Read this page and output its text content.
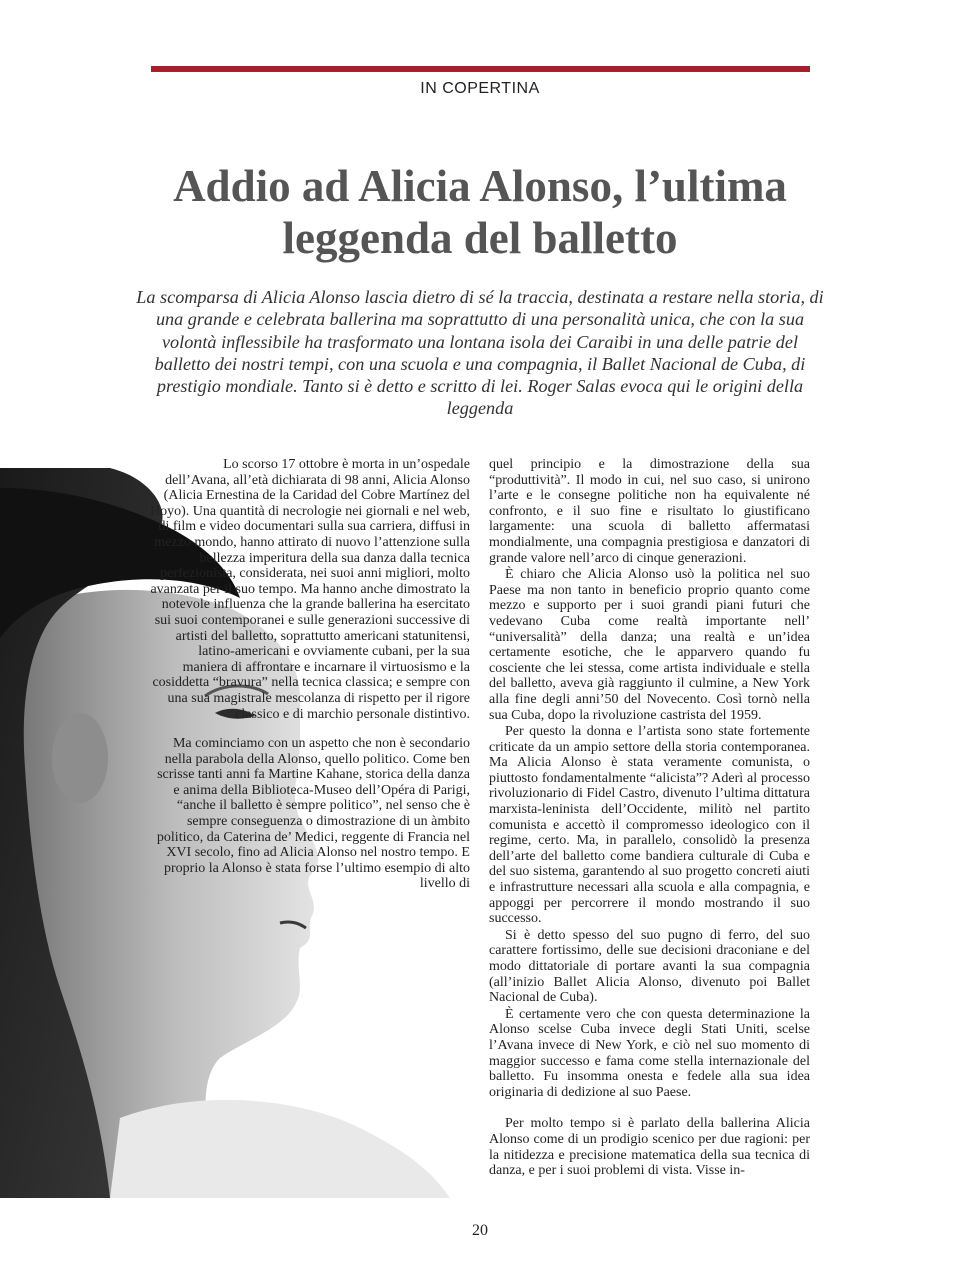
IN COPERTINA
Addio ad Alicia Alonso, l’ultima
leggenda del balletto

La scomparsa di Alicia Alonso lascia dietro di sé la traccia, destinata a restare nella storia, di una grande e celebrata ballerina ma soprattutto di una personalità unica, che con la sua volontà inflessibile ha trasformato una lontana isola dei Caraibi in una delle patrie del balletto dei nostri tempi, con una scuola e una compagnia, il Ballet Nacional de Cuba, di prestigio mondiale. Tanto si è detto e scritto di lei. Roger Salas evoca qui le origini della leggenda

Lo scorso 17 ottobre è morta in un’ospedale dell’Avana, all’età dichiarata di 98 anni, Alicia Alonso (Alicia Ernestina de la Caridad del Cobre Martínez del Hoyo). Una quantità di necrologie nei giornali e nel web, di film e video documentari sulla sua carriera, diffusi in mezzo mondo, hanno attirato di nuovo l’attenzione sulla bellezza imperitura della sua danza dalla tecnica perfezionista, considerata, nei suoi anni migliori, molto avanzata per il suo tempo. Ma hanno anche dimostrato la notevole influenza che la grande ballerina ha esercitato sui suoi contemporanei e sulle generazioni successive di artisti del balletto, soprattutto americani statunitensi, latino-americani e ovviamente cubani, per la sua maniera di affrontare e incarnare il virtuosismo e la cosiddetta “bravura” nella tecnica classica; e sempre con una sua magistrale mescolanza di rispetto per il rigore classico e di marchio personale distintivo.

Ma cominciamo con un aspetto che non è secondario nella parabola della Alonso, quello politico. Come ben scrisse tanti anni fa Martine Kahane, storica della danza e anima della Biblioteca-Museo dell’Opéra di Parigi, “anche il balletto è sempre politico”, nel senso che è sempre conseguenza o dimostrazione di un àmbito politico, da Caterina de’ Medici, reggente di Francia nel XVI secolo, fino ad Alicia Alonso nel nostro tempo. E proprio la Alonso è stata forse l’ultimo esempio di alto livello di

quel principio e la dimostrazione della sua “produttività”. Il modo in cui, nel suo caso, si unirono l’arte e le consegne politiche non ha equivalente né confronto, e il suo fine e risultato lo giustificano largamente: una scuola di balletto affermatasi mondialmente, una compagnia prestigiosa e danzatori di grande valore nell’arco di cinque generazioni.

È chiaro che Alicia Alonso usò la politica nel suo Paese ma non tanto in beneficio proprio quanto come mezzo e supporto per i suoi grandi piani futuri che vedevano Cuba come realtà importante nell’ “universalità” della danza; una realtà e un’idea certamente esotiche, che le apparvero quando fu cosciente che lei stessa, come artista individuale e stella del balletto, aveva già raggiunto il culmine, a New York alla fine degli anni’50 del Novecento. Così tornò nella sua Cuba, dopo la rivoluzione castrista del 1959.

Per questo la donna e l’artista sono state fortemente criticate da un ampio settore della storia contemporanea. Ma Alicia Alonso è stata veramente comunista, o piuttosto fondamentalmente “alicista”? Aderì al processo rivoluzionario di Fidel Castro, divenuto l’ultima dittatura marxista-leninista dell’Occidente, militò nel partito comunista e accettò il compromesso ideologico con il regime, certo. Ma, in parallelo, consolidò la presenza dell’arte del balletto come bandiera culturale di Cuba e del suo sistema, garantendo al suo progetto concreti aiuti e infrastrutture necessari alla scuola e alla compagnia, e appoggi per percorrere il mondo mostrando il suo successo.

Si è detto spesso del suo pugno di ferro, del suo carattere fortissimo, delle sue decisioni draconiane e del modo dittatoriale di portare avanti la sua compagnia (all’inizio Ballet Alicia Alonso, divenuto poi Ballet Nacional de Cuba).

È certamente vero che con questa determinazione la Alonso scelse Cuba invece degli Stati Uniti, scelse l’Avana invece di New York, e ciò nel suo momento di maggior successo e fama come stella internazionale del balletto. Fu insomma onesta e fedele alla sua idea originaria di dedizione al suo Paese.

Per molto tempo si è parlato della ballerina Alicia Alonso come di un prodigio scenico per due ragioni: per la nitidezza e precisione matematica della sua tecnica di danza, e per i suoi problemi di vista. Visse in-

20
